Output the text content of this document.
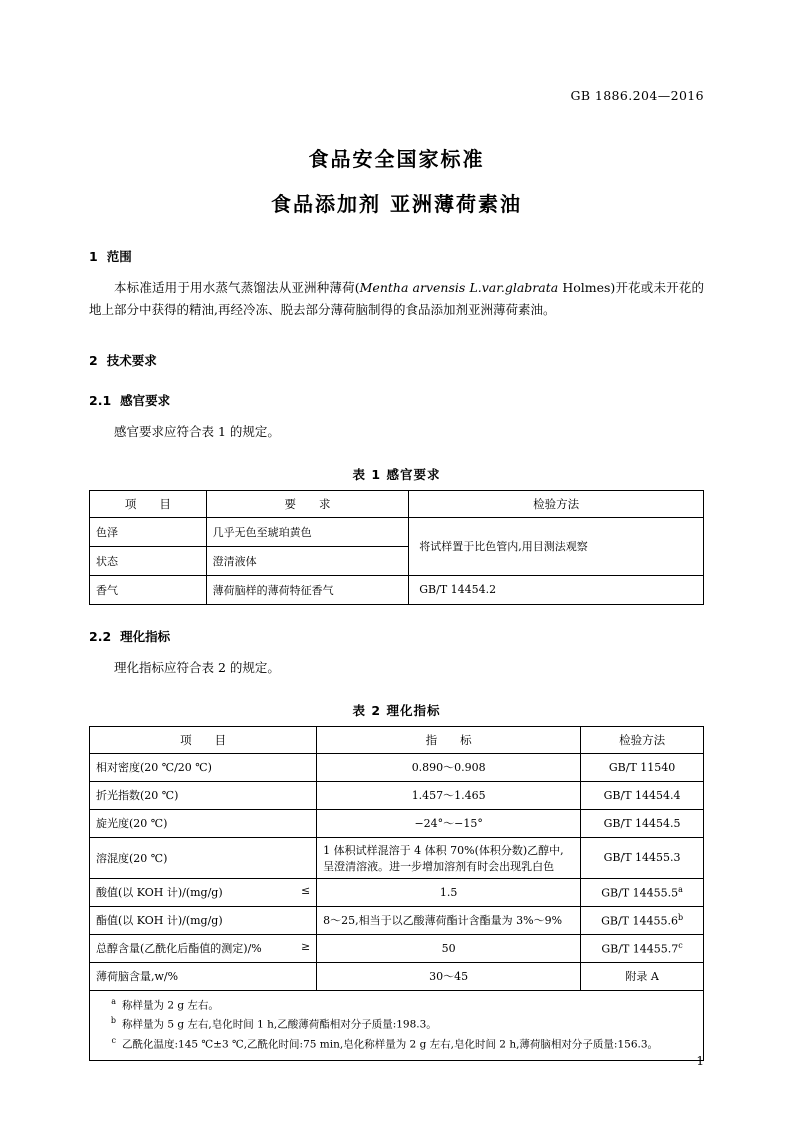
GB 1886.204—2016
食品安全国家标准
食品添加剂 亚洲薄荷素油
1 范围
本标准适用于用水蒸气蒸馏法从亚洲种薄荷(Mentha arvensis L.var.glabrata Holmes)开花或未开花的地上部分中获得的精油,再经冷冻、脱去部分薄荷脑制得的食品添加剂亚洲薄荷素油。
2 技术要求
2.1 感官要求
感官要求应符合表 1 的规定。
表 1 感官要求
项　　目	要　　求	检验方法
色泽	几乎无色至琥珀黄色	将试样置于比色管内,用目测法观察
状态	澄清液体	
香气	薄荷脑样的薄荷特征香气	GB/T 14454.2
2.2 理化指标
理化指标应符合表 2 的规定。
表 2 理化指标
项　　目	指　　标	检验方法
相对密度(20 ℃/20 ℃)	0.890～0.908	GB/T 11540
折光指数(20 ℃)	1.457～1.465	GB/T 14454.4
旋光度(20 ℃)	−24°～−15°	GB/T 14454.5
溶混度(20 ℃)	1 体积试样混溶于 4 体积 70%(体积分数)乙醇中,呈澄清溶液。进一步增加溶剂有时会出现乳白色	GB/T 14455.3
酸值(以 KOH 计)/(mg/g) ≤	1.5	GB/T 14455.5$^a$
酯值(以 KOH 计)/(mg/g)	8～25,相当于以乙酸薄荷酯计含酯量为 3%～9%	GB/T 14455.6$^b$
总醇含量(乙酰化后酯值的测定)/% ≥	50	GB/T 14455.7$^c$
薄荷脑含量,w/%	30～45	附录 A

a 称样量为 2 g 左右。
b 称样量为 5 g 左右,皂化时间 1 h,乙酸薄荷酯相对分子质量:198.3。
c 乙酰化温度:145 ℃±3 ℃,乙酰化时间:75 min,皂化称样量为 2 g 左右,皂化时间 2 h,薄荷脑相对分子质量:156.3。		
1
